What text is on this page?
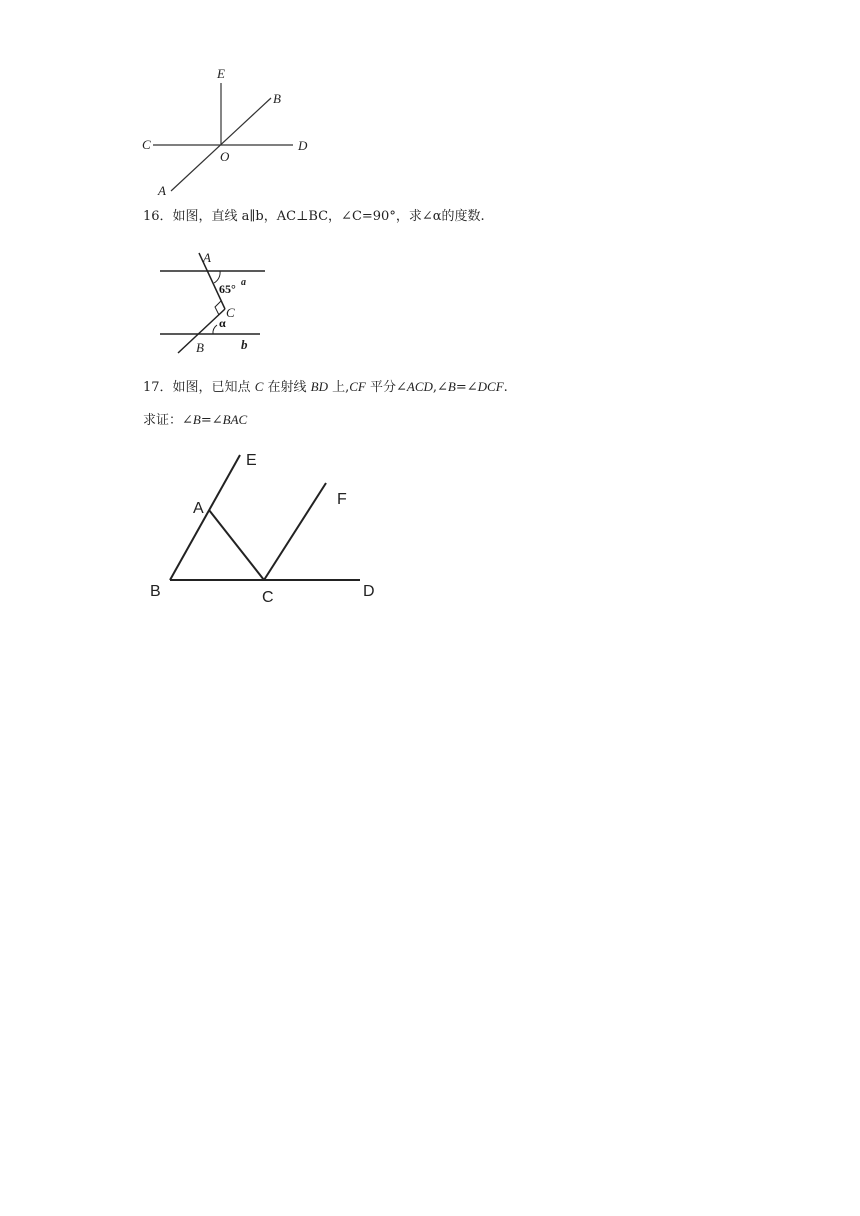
E
B
C
O
D
A
16．如图，直线 a∥b，AC⊥BC，∠C=90°，求∠α的度数.
A
65° a
C
α
B	b
17．如图，已知点 C 在射线 BD 上,CF 平分∠ACD,∠B=∠DCF.
求证：∠B=∠BAC
E
F
A
B	C	D
